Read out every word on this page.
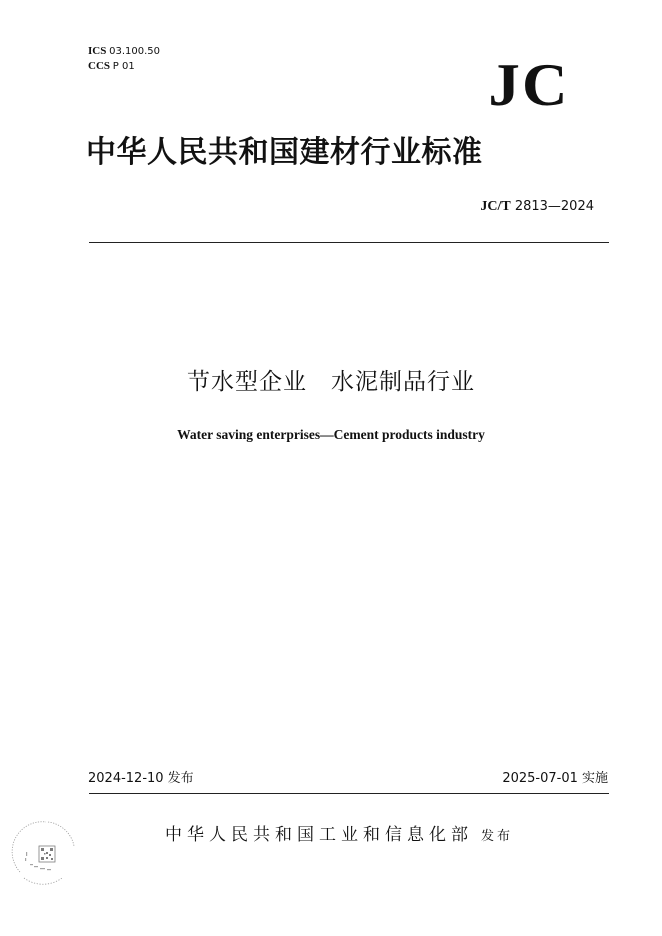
ICS 03.100.50
CCS P 01	JC
中华人民共和国建材行业标准
JC/T 2813—2024
节水型企业　水泥制品行业
Water saving enterprises—Cement products industry
2024-12-10 发布	2025-07-01 实施
中华人民共和国工业和信息化部 发布
